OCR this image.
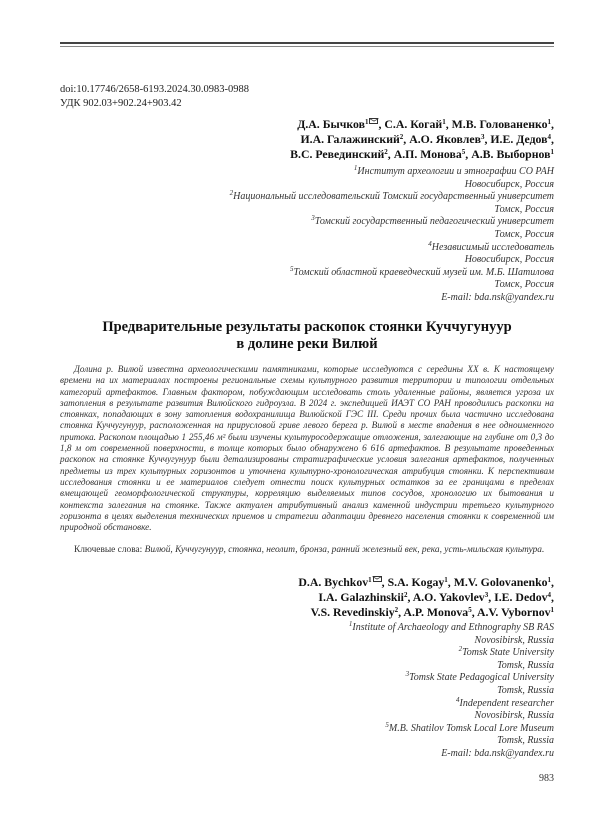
doi:10.17746/2658-6193.2024.30.0983-0988
УДК 902.03+902.24+903.42
Д.А. Бычков$^1$ , С.А. Когай$^1$, М.В. Голованенко$^1$,
И.А. Галажинский$^2$, А.О. Яковлев$^3$, И.Е. Дедов$^4$,
В.С. Ревединский$^2$, А.П. Монова$^5$, А.В. Выборнов$^1$
$^1$Институт археологии и этнографии СО РАН
Новосибирск, Россия
$^2$Национальный исследовательский Томский государственный университет
Томск, Россия
$^3$Томский государственный педагогический университет
Томск, Россия
$^4$Независимый исследователь
Новосибирск, Россия
$^5$Томский областной краеведческий музей им. М.Б. Шатилова
Томск, Россия
E-mail: bda.nsk@yandex.ru
Предварительные результаты раскопок стоянки Куччугунуур
в долине реки Вилюй

Долина р. Вилюй известна археологическими памятниками, которые исследуются с середины XX в. К настоящему времени на их материалах построены региональные схемы культурного развития территории и типологии отдельных категорий артефактов. Главным фактором, побуждающим исследовать столь удаленные районы, является угроза их затопления в результате развития Вилюйского гидроузла. В 2024 г. экспедицией ИАЭТ СО РАН проводились раскопки на стоянках, попадающих в зону затопления водохранилища Вилюйской ГЭС III. Среди прочих была частично исследована стоянка Куччугунуур, расположенная на прирусловой гриве левого берега р. Вилюй в месте впадения в нее одноименного притока. Раскопом площадью 1 255,46 м² были изучены культуросодержащие отложения, залегающие на глубине от 0,3 до 1,8 м от современной поверхности, в толще которых было обнаружено 6 616 артефактов. В результате проведенных раскопок на стоянке Куччугунуур были детализированы стратиграфические условия залегания артефактов, полученных предметы из трех культурных горизонтов и уточнена культурно-хронологическая атрибуция стоянки. К перспективам исследования стоянки и ее материалов следует отнести поиск культурных остатков за ее границами в пределах вмещающей геоморфологической структуры, корреляцию выделяемых типов сосудов, хронологию их бытования и контекста залегания на стоянке. Также актуален атрибутивный анализ каменной индустрии третьего культурного горизонта в целях выделения технических приемов и стратегии адаптации древнего населения стоянки к современной им природной обстановке.

Ключевые слова: Вилюй, Куччугунуур, стоянка, неолит, бронза, ранний железный век, река, усть-мильская культура.
D.A. Bychkov$^1$ , S.A. Kogay$^1$, M.V. Golovanenko$^1$,
I.A. Galazhinskii$^2$, A.O. Yakovlev$^3$, I.E. Dedov$^4$,
V.S. Revedinskiy$^2$, A.P. Monova$^5$, A.V. Vybornov$^1$
$^1$Institute of Archaeology and Ethnography SB RAS
Novosibirsk, Russia
$^2$Tomsk State University
Tomsk, Russia
$^3$Tomsk State Pedagogical University
Tomsk, Russia
$^4$Independent researcher
Novosibirsk, Russia
$^5$M.B. Shatilov Tomsk Local Lore Museum
Tomsk, Russia
E-mail: bda.nsk@yandex.ru
983
